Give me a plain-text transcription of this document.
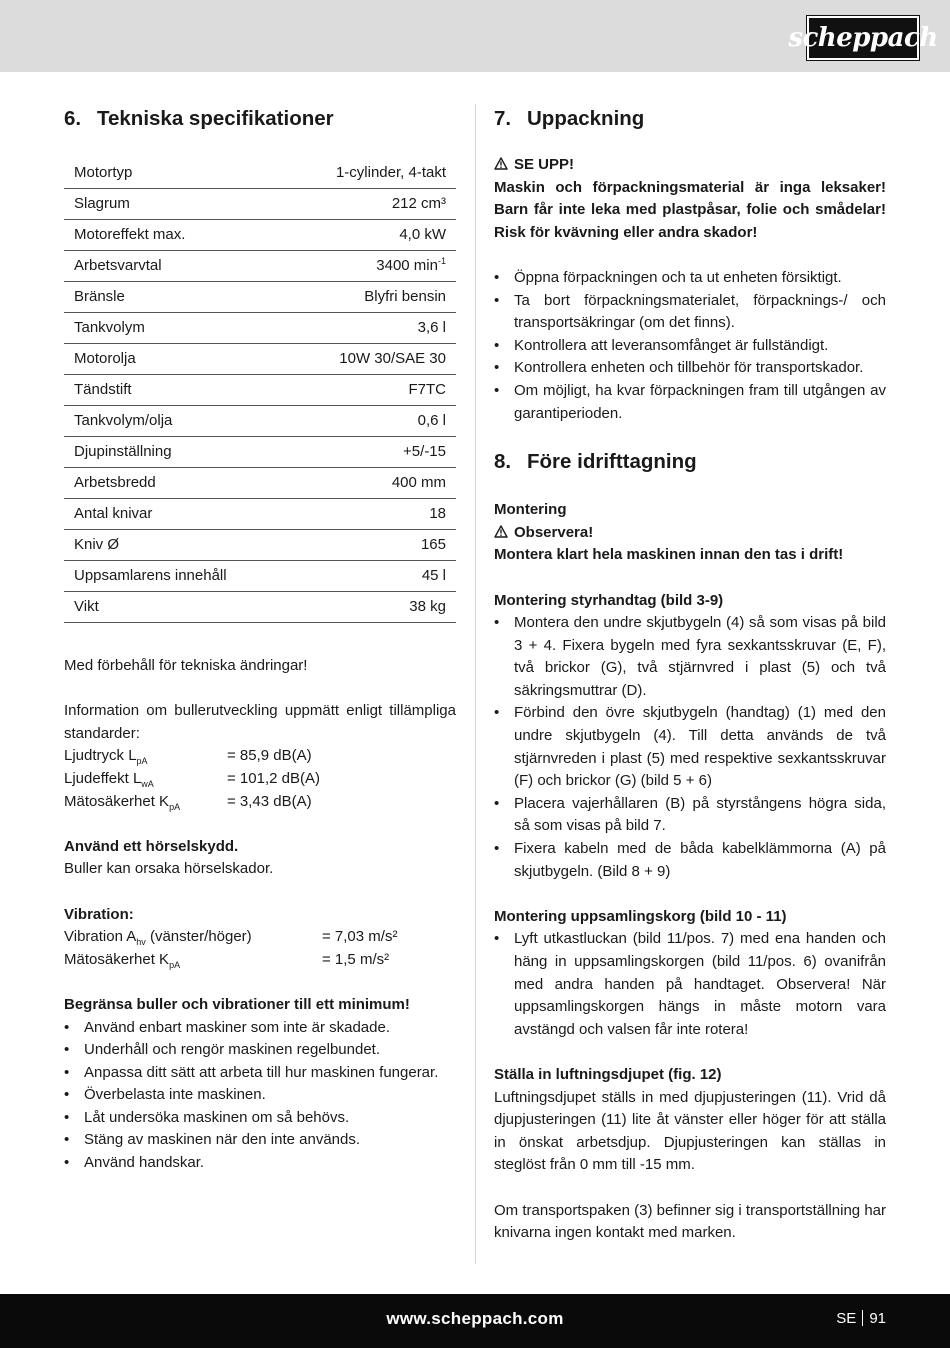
scheppach
6. Tekniska specifikationer
Motortyp	1-cylinder, 4-takt
Slagrum	212 cm³
Motoreffekt max.	4,0 kW
Arbetsvarvtal	3400 $\min^{-1}$
Bränsle	Blyfri bensin
Tankvolym	3,6 l
Motorolja	10W 30/SAE 30
Tändstift	F7TC
Tankvolym/olja	0,6 l
Djupinställning	+5/-15
Arbetsbredd	400 mm
Antal knivar	18
Kniv Ø	165
Uppsamlarens innehåll	45 l
Vikt	38 kg

Med förbehåll för tekniska ändringar!

Information om bullerutveckling uppmätt enligt tillämpliga standarder:

Ljudtryck $L_{pA}$	= 85,9 dB(A)
Ljudeffekt $L_{wA}$	= 101,2 dB(A)
Mätosäkerhet $K_{pA}$	= 3,43 dB(A)

Använd ett hörselskydd.

Buller kan orsaka hörselskador.

Vibration:

Vibration $A_{hv}$ (vänster/höger)	= 7,03 m/s²
Mätosäkerhet $K_{pA}$	= 1,5 m/s²

Begränsa buller och vibrationer till ett minimum!

• Använd enbart maskiner som inte är skadade.
• Underhåll och rengör maskinen regelbundet.
• Anpassa ditt sätt att arbeta till hur maskinen fungerar.
• Överbelasta inte maskinen.
• Låt undersöka maskinen om så behövs.
• Stäng av maskinen när den inte används.
• Använd handskar.
7. Uppackning

SE UPP!

Maskin och förpackningsmaterial är inga leksaker! Barn får inte leka med plastpåsar, folie och smådelar! Risk för kvävning eller andra skador!

• Öppna förpackningen och ta ut enheten försiktigt.
• Ta bort förpackningsmaterialet, förpacknings-/ och transportsäkringar (om det finns).
• Kontrollera att leveransomfånget är fullständigt.
• Kontrollera enheten och tillbehör för transportskador.
• Om möjligt, ha kvar förpackningen fram till utgången av garantiperioden.
8. Före idrifttagning

Montering

Observera!

Montera klart hela maskinen innan den tas i drift!

Montering styrhandtag (bild 3-9)

• Montera den undre skjutbygeln (4) så som visas på bild 3 + 4. Fixera bygeln med fyra sexkantsskruvar (E, F), två brickor (G), två stjärnvred i plast (5) och två säkringsmuttrar (D).
• Förbind den övre skjutbygeln (handtag) (1) med den undre skjutbygeln (4). Till detta används de två stjärnvreden i plast (5) med respektive sexkantsskruvar (F) och brickor (G) (bild 5 + 6)
• Placera vajerhållaren (B) på styrstångens högra sida, så som visas på bild 7.
• Fixera kabeln med de båda kabelklämmorna (A) på skjutbygeln. (Bild 8 + 9)

Montering uppsamlingskorg (bild 10 - 11)

• Lyft utkastluckan (bild 11/pos. 7) med ena handen och häng in uppsamlingskorgen (bild 11/pos. 6) ovanifrån med andra handen på handtaget. Observera! När uppsamlingskorgen hängs in måste motorn vara avstängd och valsen får inte rotera!

Ställa in luftningsdjupet (fig. 12)

Luftningsdjupet ställs in med djupjusteringen (11). Vrid då djupjusteringen (11) lite åt vänster eller höger för att ställa in önskat arbetsdjup. Djupjusteringen kan ställas in steglöst från 0 mm till -15 mm.

Om transportspaken (3) befinner sig i transportställning har knivarna ingen kontakt med marken.

www.scheppach.com	SE 91
